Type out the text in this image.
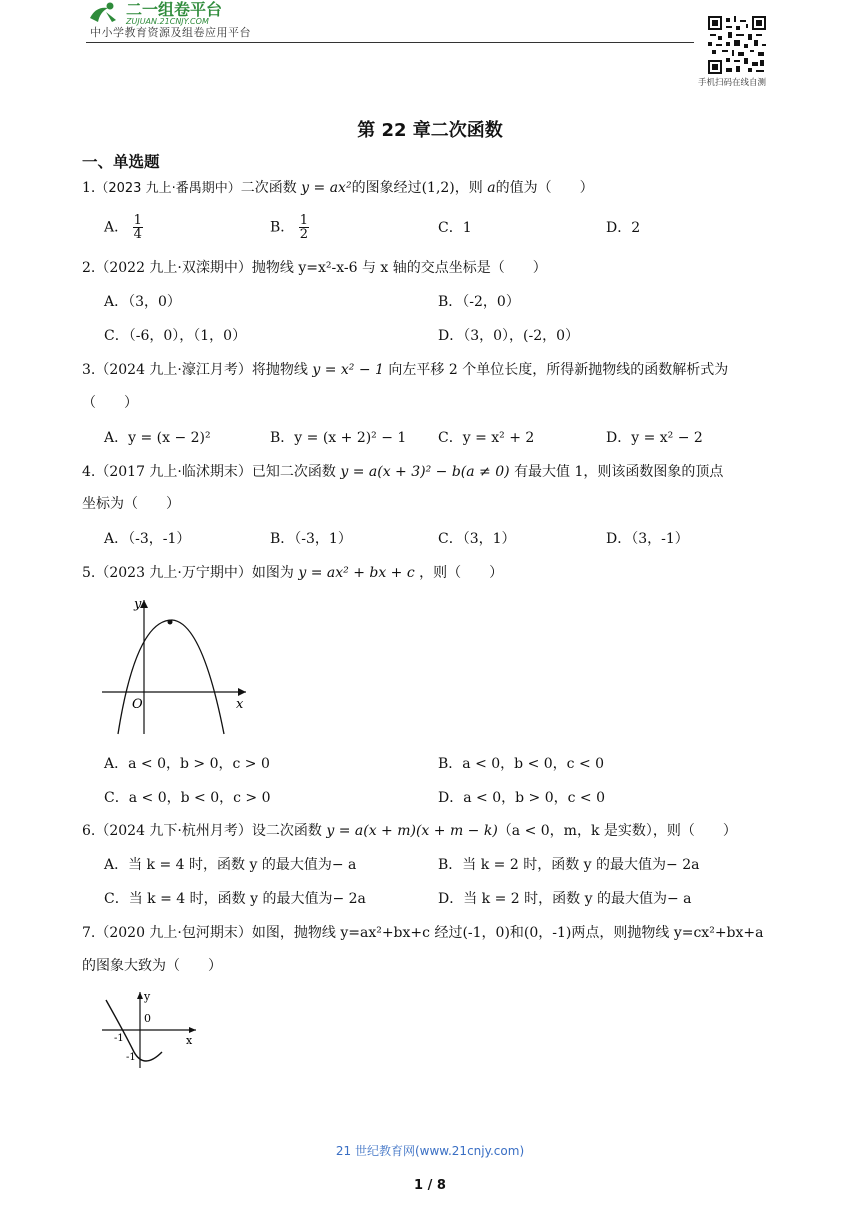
二一组卷平台
ZUJUAN.21CNJY.COM
中小学教育资源及组卷应用平台
手机扫码在线自测
第 22 章二次函数
一、单选题
1.（2023 九上·番禺期中）二次函数 y = ax²的图象经过(1,2)，则 a的值为（　　）
A． $\frac{1}{4}$	B． $\frac{1}{2}$	C．1	D．2
2.（2022 九上·双滦期中）抛物线 y=x²-x-6 与 x 轴的交点坐标是（　　）
A．（3，0）	B．（-2，0）
C．（-6，0），（1，0）	D．（3，0），(-2，0）
3.（2024 九上·濠江月考）将抛物线 y = x² − 1 向左平移 2 个单位长度，所得新抛物线的函数解析式为
（　　）
A．y = (x − 2)²	B．y = (x + 2)² − 1 C．y = x² + 2	D．y = x² − 2
4.（2017 九上·临沭期末）已知二次函数 y = a(x + 3)² − b(a ≠ 0) 有最大值 1，则该函数图象的顶点
坐标为（　　）
A．（-3，-1）	B．（-3，1）	C．（3，1）	D．（3，-1）
5.（2023 九上·万宁期中）如图为 y = ax² + bx + c ，则（　　）
y
x
O
A．a < 0，b > 0，c > 0	B．a < 0，b < 0，c < 0
C．a < 0，b < 0，c > 0	D．a < 0，b > 0，c < 0
6.（2024 九下·杭州月考）设二次函数 y = a(x + m)(x + m − k)（a < 0，m，k 是实数），则（　　）
A．当 k = 4 时，函数 y 的最大值为− a	B．当 k = 2 时，函数 y 的最大值为− 2a
C．当 k = 4 时，函数 y 的最大值为− 2a	D．当 k = 2 时，函数 y 的最大值为− a
7.（2020 九上·包河期末）如图，抛物线 y=ax²+bx+c 经过(-1，0)和(0，-1)两点，则抛物线 y=cx²+bx+a
的图象大致为（　　）
y
0
x
-1
-1
21 世纪教育网(www.21cnjy.com)
1 / 8
